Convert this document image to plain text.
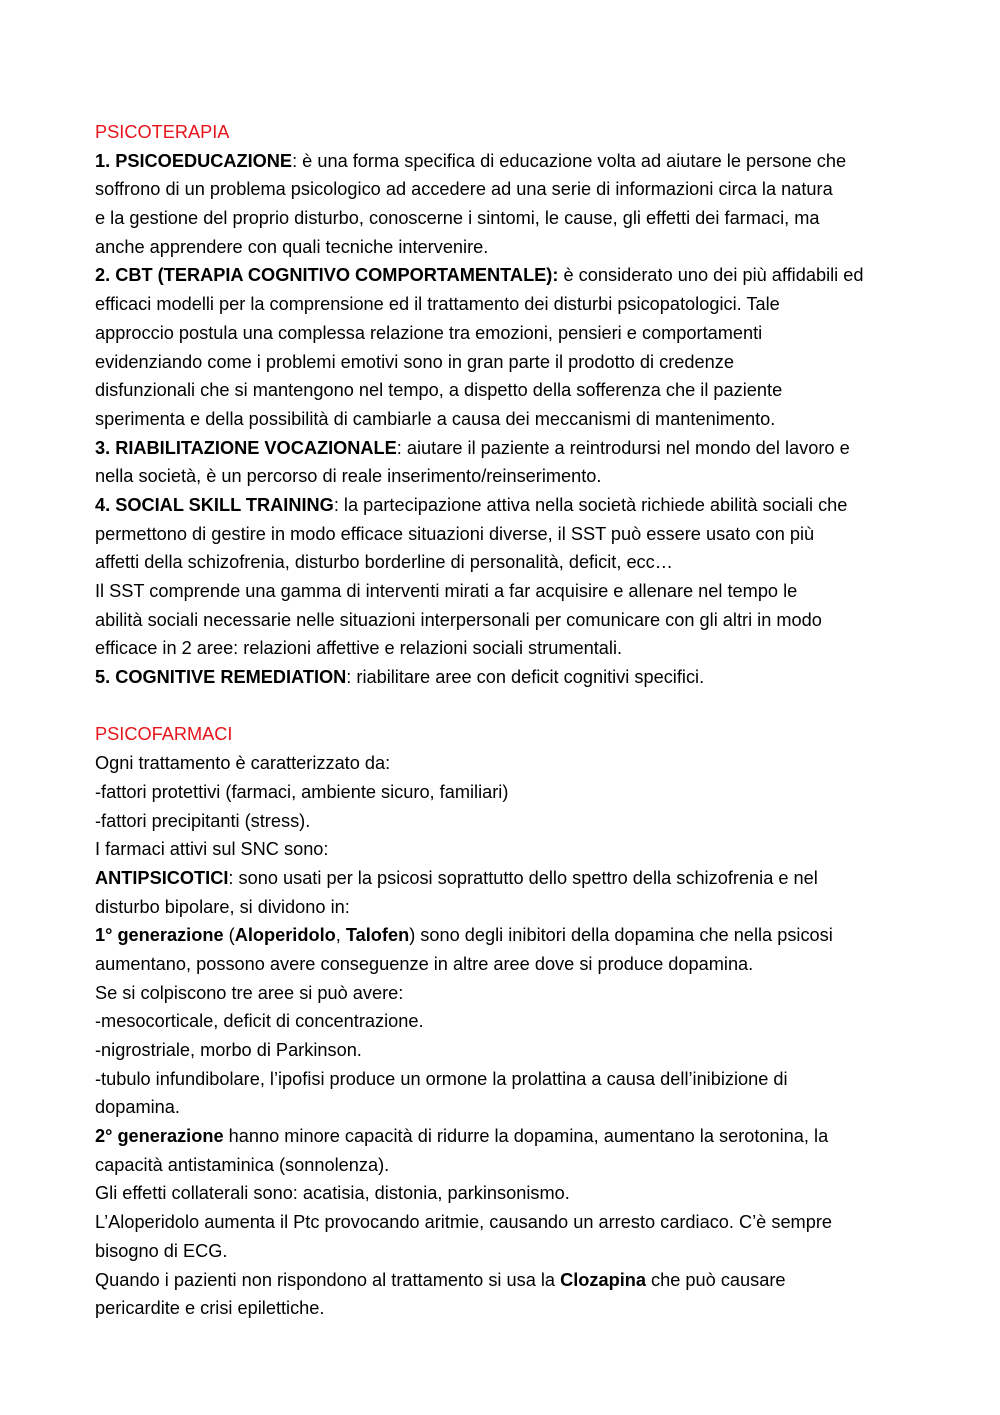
PSICOTERAPIA
1. PSICOEDUCAZIONE: è una forma specifica di educazione volta ad aiutare le persone che
soffrono di un problema psicologico ad accedere ad una serie di informazioni circa la natura
e la gestione del proprio disturbo, conoscerne i sintomi, le cause, gli effetti dei farmaci, ma
anche apprendere con quali tecniche intervenire.
2. CBT (TERAPIA COGNITIVO COMPORTAMENTALE): è considerato uno dei più affidabili ed
efficaci modelli per la comprensione ed il trattamento dei disturbi psicopatologici. Tale
approccio postula una complessa relazione tra emozioni, pensieri e comportamenti
evidenziando come i problemi emotivi sono in gran parte il prodotto di credenze
disfunzionali che si mantengono nel tempo, a dispetto della sofferenza che il paziente
sperimenta e della possibilità di cambiarle a causa dei meccanismi di mantenimento.
3. RIABILITAZIONE VOCAZIONALE: aiutare il paziente a reintrodursi nel mondo del lavoro e
nella società, è un percorso di reale inserimento/reinserimento.
4. SOCIAL SKILL TRAINING: la partecipazione attiva nella società richiede abilità sociali che
permettono di gestire in modo efficace situazioni diverse, il SST può essere usato con più
affetti della schizofrenia, disturbo borderline di personalità, deficit, ecc…
Il SST comprende una gamma di interventi mirati a far acquisire e allenare nel tempo le
abilità sociali necessarie nelle situazioni interpersonali per comunicare con gli altri in modo
efficace in 2 aree: relazioni affettive e relazioni sociali strumentali.
5. COGNITIVE REMEDIATION: riabilitare aree con deficit cognitivi specifici.
PSICOFARMACI
Ogni trattamento è caratterizzato da:
-fattori protettivi (farmaci, ambiente sicuro, familiari)
-fattori precipitanti (stress).
I farmaci attivi sul SNC sono:
ANTIPSICOTICI: sono usati per la psicosi soprattutto dello spettro della schizofrenia e nel
disturbo bipolare, si dividono in:
1° generazione (Aloperidolo, Talofen) sono degli inibitori della dopamina che nella psicosi
aumentano, possono avere conseguenze in altre aree dove si produce dopamina.
Se si colpiscono tre aree si può avere:
-mesocorticale, deficit di concentrazione.
-nigrostriale, morbo di Parkinson.
-tubulo infundibolare, l’ipofisi produce un ormone la prolattina a causa dell’inibizione di
dopamina.
2° generazione hanno minore capacità di ridurre la dopamina, aumentano la serotonina, la
capacità antistaminica (sonnolenza).
Gli effetti collaterali sono: acatisia, distonia, parkinsonismo.
L’Aloperidolo aumenta il Ptc provocando aritmie, causando un arresto cardiaco. C’è sempre
bisogno di ECG.
Quando i pazienti non rispondono al trattamento si usa la Clozapina che può causare
pericardite e crisi epilettiche.
